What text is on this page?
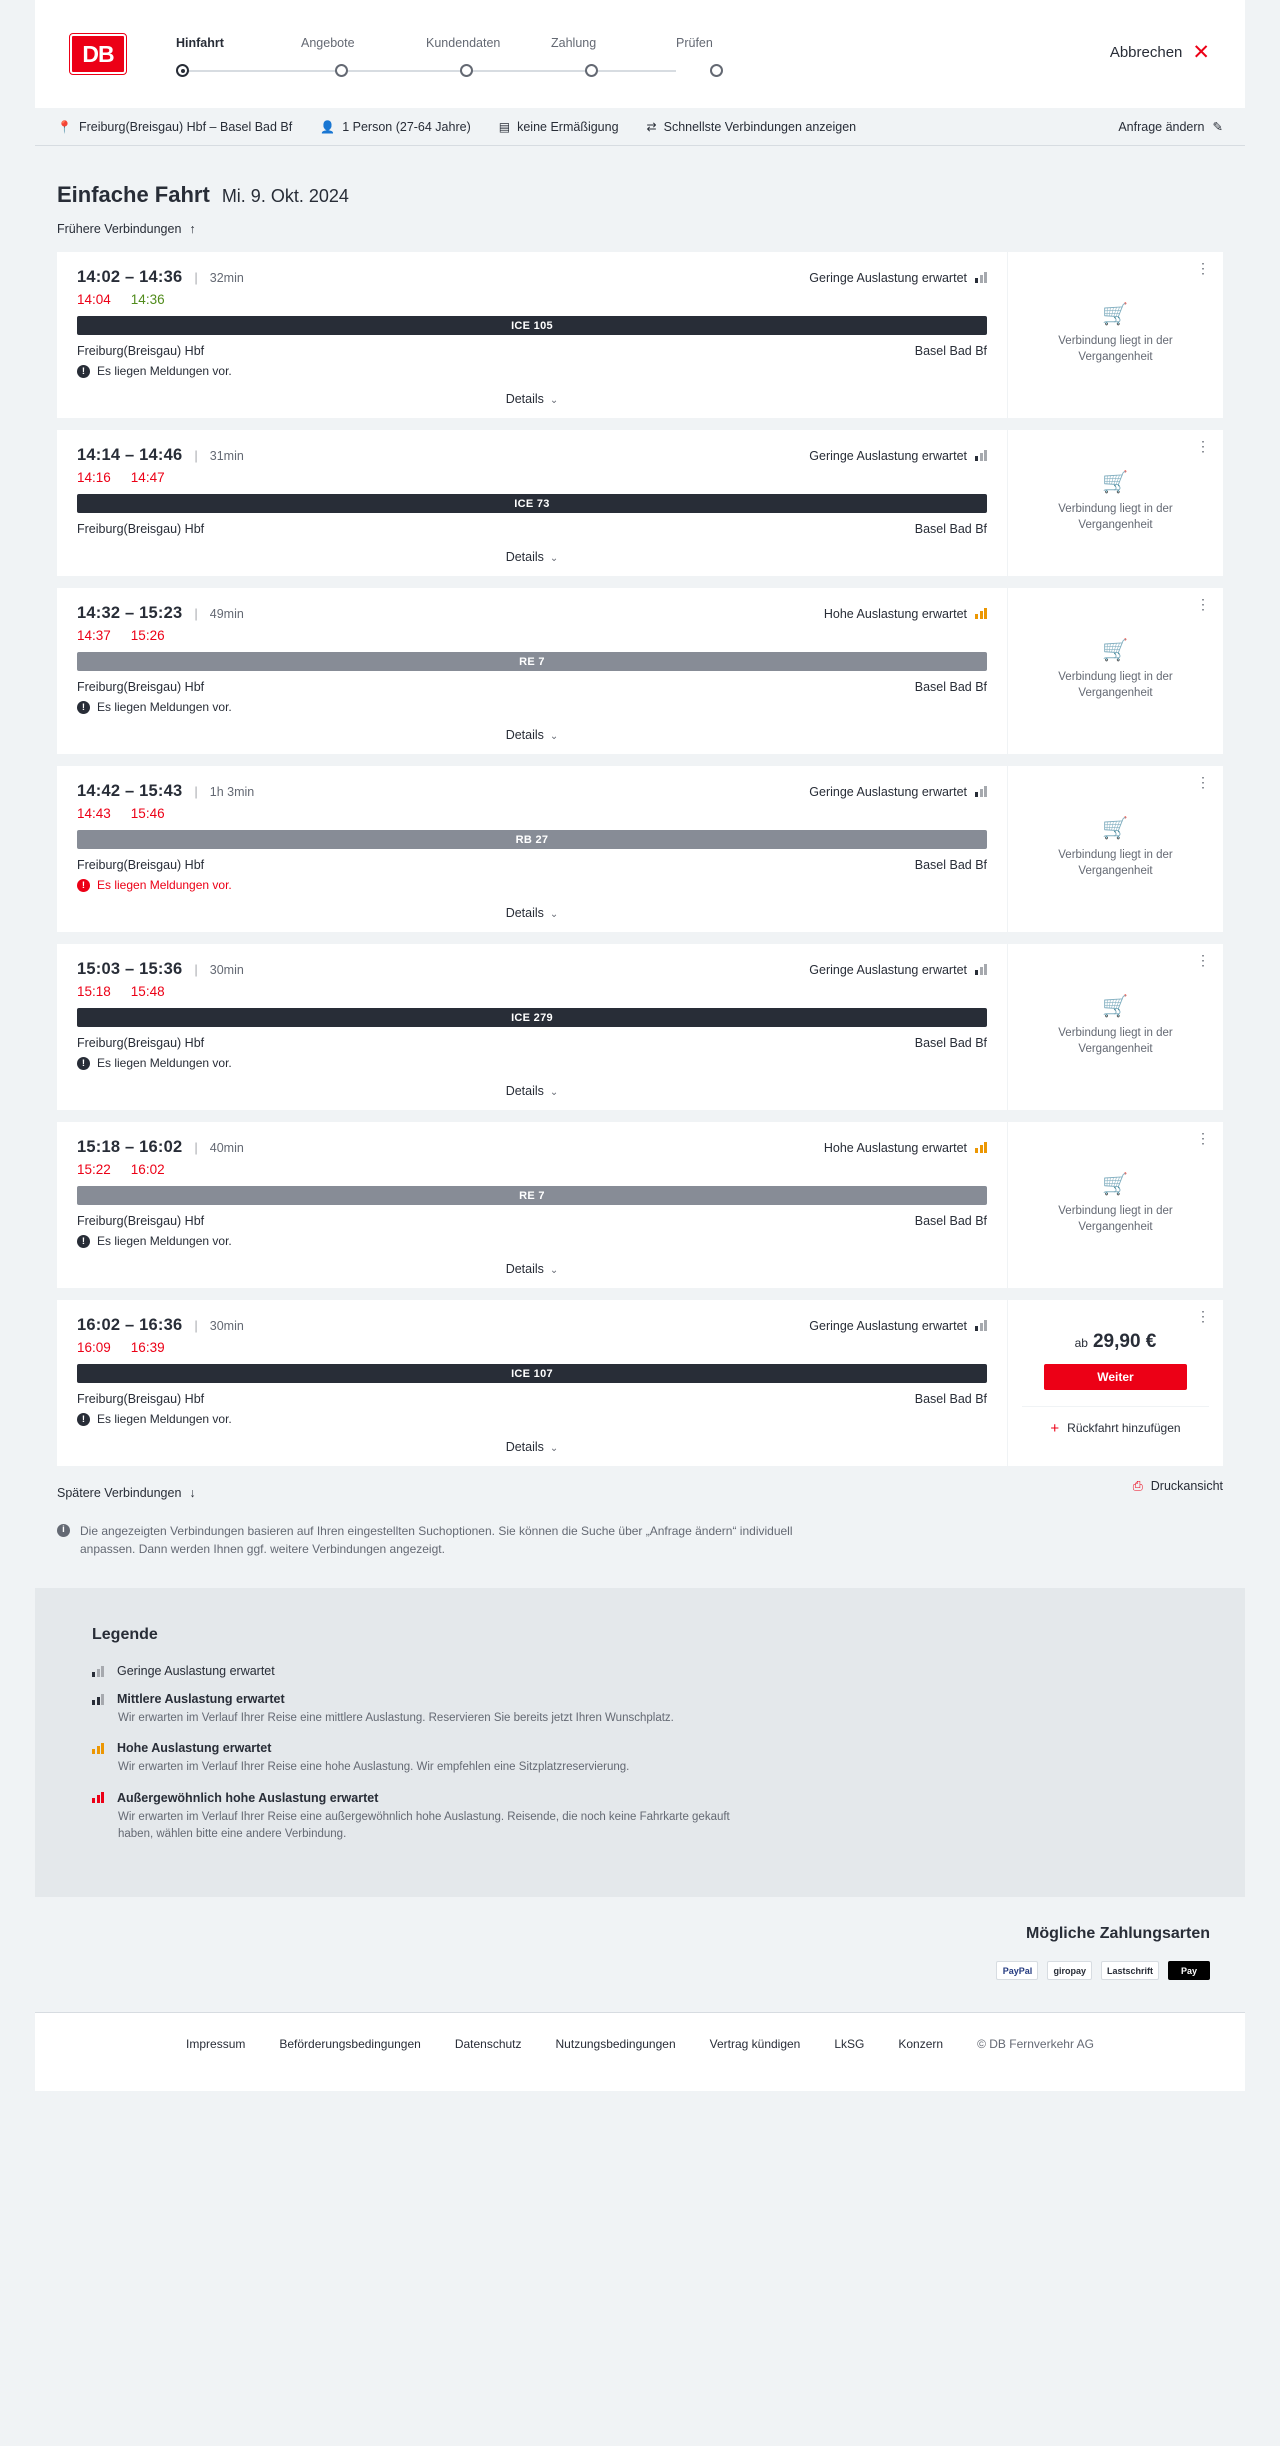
DB	Hinfahrt	Angebote	Kundendaten	Zahlung	Prüfen
Abbrechen ✕
📍 Freiburg(Breisgau) Hbf – Basel Bad Bf 👤 1 Person (27-64 Jahre) ▤ keine Ermäßigung ⇄ Schnellste Verbindungen anzeigen	Anfrage ändern ✎
Einfache Fahrt Mi. 9. Okt. 2024
Frühere Verbindungen ↑
14:02 – 14:36 | 32min	Geringe Auslastung erwartet
14:04 14:36
ICE 105
Freiburg(Breisgau) Hbf	Basel Bad Bf
! Es liegen Meldungen vor.
Details ⌄
⋮
🛒
Verbindung liegt in der Vergangenheit
14:14 – 14:46 | 31min	Geringe Auslastung erwartet
14:16 14:47
ICE 73
Freiburg(Breisgau) Hbf	Basel Bad Bf
Details ⌄
⋮
🛒
Verbindung liegt in der Vergangenheit
14:32 – 15:23 | 49min	Hohe Auslastung erwartet
14:37 15:26
RE 7
Freiburg(Breisgau) Hbf	Basel Bad Bf
! Es liegen Meldungen vor.
Details ⌄
⋮
🛒
Verbindung liegt in der Vergangenheit
14:42 – 15:43 | 1h 3min	Geringe Auslastung erwartet
14:43 15:46
RB 27
Freiburg(Breisgau) Hbf	Basel Bad Bf
! Es liegen Meldungen vor.
Details ⌄
⋮
🛒
Verbindung liegt in der Vergangenheit
15:03 – 15:36 | 30min	Geringe Auslastung erwartet
15:18 15:48
ICE 279
Freiburg(Breisgau) Hbf	Basel Bad Bf
! Es liegen Meldungen vor.
Details ⌄
⋮
🛒
Verbindung liegt in der Vergangenheit
15:18 – 16:02 | 40min	Hohe Auslastung erwartet
15:22 16:02
RE 7
Freiburg(Breisgau) Hbf	Basel Bad Bf
! Es liegen Meldungen vor.
Details ⌄
⋮
🛒
Verbindung liegt in der Vergangenheit
16:02 – 16:36 | 30min	Geringe Auslastung erwartet
16:09 16:39
ICE 107
Freiburg(Breisgau) Hbf	Basel Bad Bf
! Es liegen Meldungen vor.
Details ⌄
⋮
ab 29,90 €
Weiter
+ Rückfahrt hinzufügen
Spätere Verbindungen ↓
⎙ Druckansicht
i	Die angezeigten Verbindungen basieren auf Ihren eingestellten Suchoptionen. Sie können die Suche über „Anfrage ändern“ individuell anpassen. Dann werden Ihnen ggf. weitere Verbindungen angezeigt.
Legende
Geringe Auslastung erwartet
Mittlere Auslastung erwartet
Wir erwarten im Verlauf Ihrer Reise eine mittlere Auslastung. Reservieren Sie bereits jetzt Ihren Wunschplatz.
Hohe Auslastung erwartet
Wir erwarten im Verlauf Ihrer Reise eine hohe Auslastung. Wir empfehlen eine Sitzplatzreservierung.
Außergewöhnlich hohe Auslastung erwartet
Wir erwarten im Verlauf Ihrer Reise eine außergewöhnlich hohe Auslastung. Reisende, die noch keine Fahrkarte gekauft haben, wählen bitte eine andere Verbindung.
Mögliche Zahlungsarten
PayPal	giropay	Lastschrift	Pay
Impressum	Beförderungsbedingungen	Datenschutz	Nutzungsbedingungen	Vertrag kündigen	LkSG	Konzern	© DB Fernverkehr AG
